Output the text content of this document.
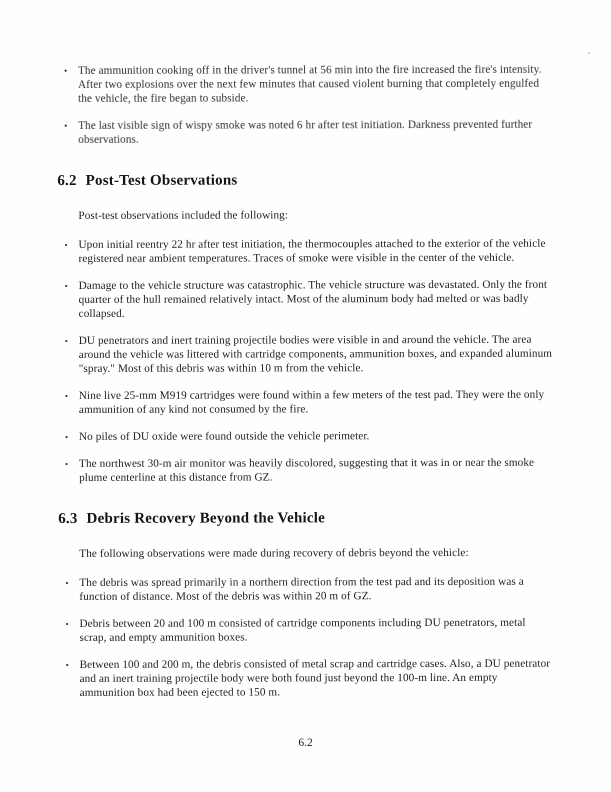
• The ammunition cooking off in the driver's tunnel at 56 min into the fire increased the fire's intensity. After two explosions over the next few minutes that caused violent burning that completely engulfed the vehicle, the fire began to subside.
• The last visible sign of wispy smoke was noted 6 hr after test initiation. Darkness prevented further observations.
6.2 Post-Test Observations

Post-test observations included the following:

• Upon initial reentry 22 hr after test initiation, the thermocouples attached to the exterior of the vehicle registered near ambient temperatures. Traces of smoke were visible in the center of the vehicle.
• Damage to the vehicle structure was catastrophic. The vehicle structure was devastated. Only the front quarter of the hull remained relatively intact. Most of the aluminum body had melted or was badly collapsed.
• DU penetrators and inert training projectile bodies were visible in and around the vehicle. The area around the vehicle was littered with cartridge components, ammunition boxes, and expanded aluminum "spray." Most of this debris was within 10 m from the vehicle.
• Nine live 25-mm M919 cartridges were found within a few meters of the test pad. They were the only ammunition of any kind not consumed by the fire.
• No piles of DU oxide were found outside the vehicle perimeter.
• The northwest 30-m air monitor was heavily discolored, suggesting that it was in or near the smoke plume centerline at this distance from GZ.
6.3 Debris Recovery Beyond the Vehicle

The following observations were made during recovery of debris beyond the vehicle:

• The debris was spread primarily in a northern direction from the test pad and its deposition was a function of distance. Most of the debris was within 20 m of GZ.
• Debris between 20 and 100 m consisted of cartridge components including DU penetrators, metal scrap, and empty ammunition boxes.
• Between 100 and 200 m, the debris consisted of metal scrap and cartridge cases. Also, a DU penetrator and an inert training projectile body were both found just beyond the 100-m line. An empty ammunition box had been ejected to 150 m.
6.2
